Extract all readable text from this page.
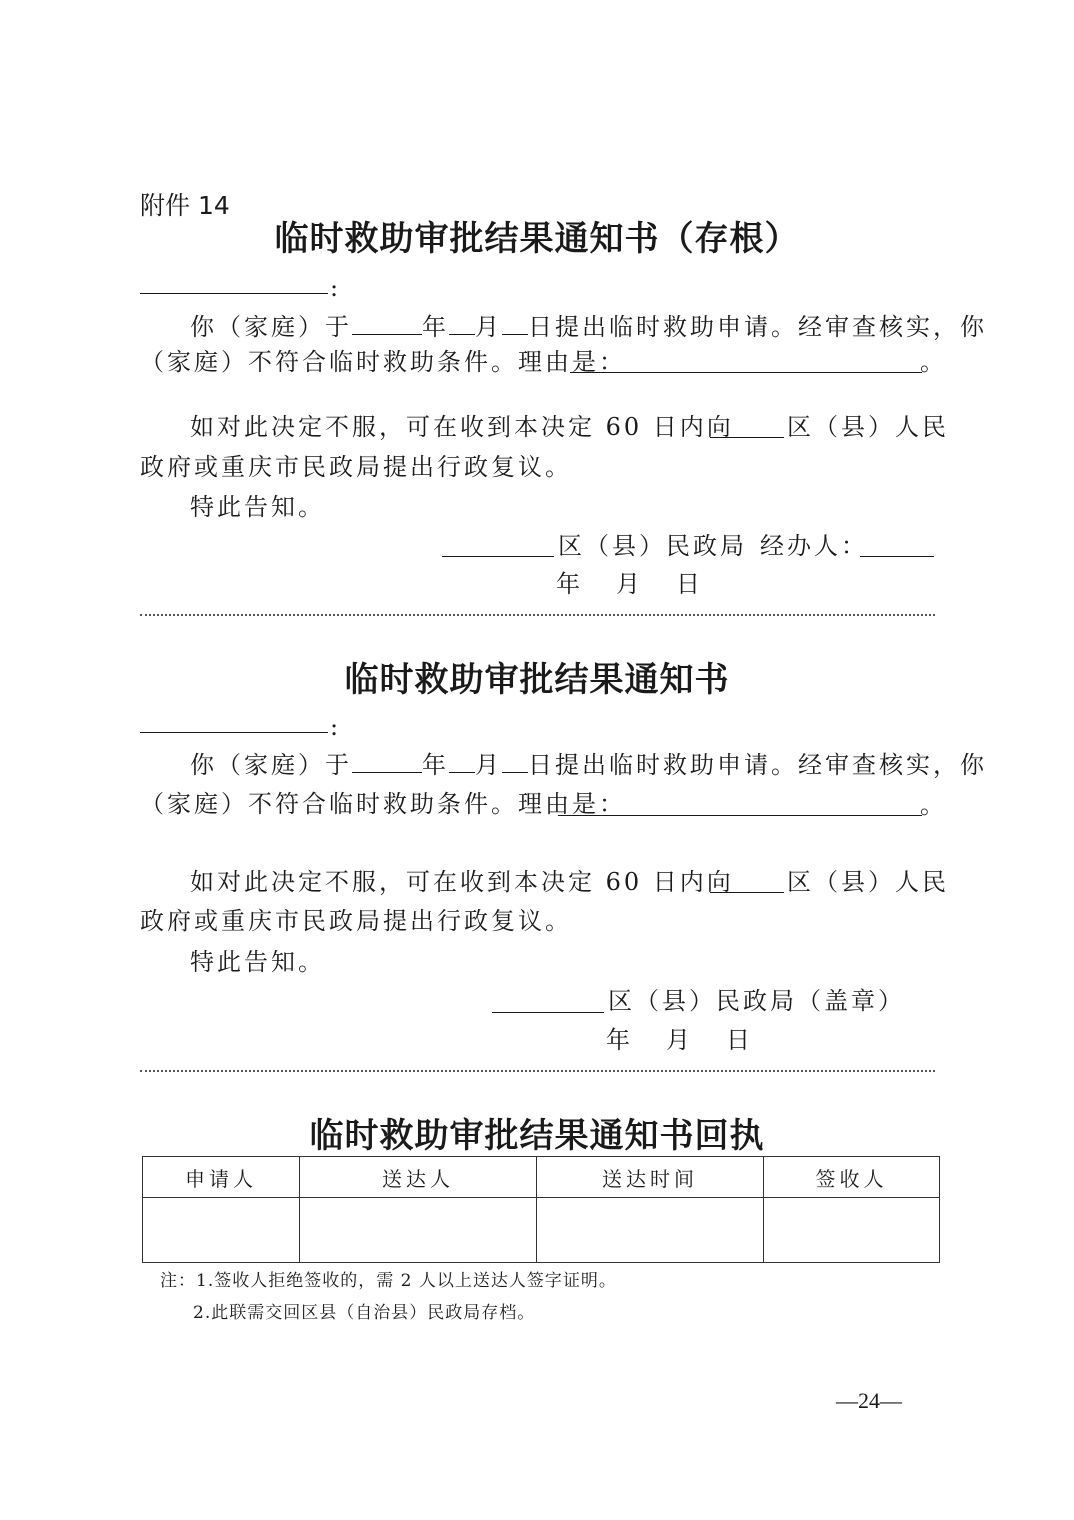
附件 14
临时救助审批结果通知书（存根）
:
你（家庭）于	年 月 日提出临时救助申请。经审查核实，你
（家庭）不符合临时救助条件。理由是：	。
如对此决定不服，可在收到本决定 60 日内向 区（县）人民
政府或重庆市民政局提出行政复议。
特此告知。
区（县）民政局 经办人：
年　月　日
临时救助审批结果通知书
:
你（家庭）于	年 月 日提出临时救助申请。经审查核实，你
（家庭）不符合临时救助条件。理由是：	。
如对此决定不服，可在收到本决定 60 日内向 区（县）人民
政府或重庆市民政局提出行政复议。
特此告知。
区（县）民政局（盖章）
年　月　日
临时救助审批结果通知书回执
申请人	送达人	送达时间	签收人

注：1.签收人拒绝签收的，需 2 人以上送达人签字证明。
2.此联需交回区县（自治县）民政局存档。
—24—
